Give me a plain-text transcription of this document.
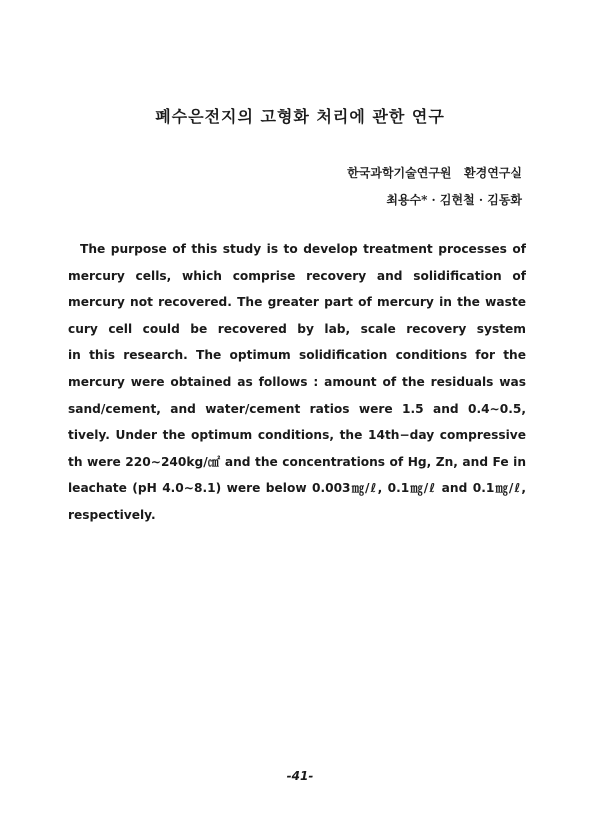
폐수은전지의 고형화 처리에 관한 연구
한국과학기술연구원   환경연구실
최용수* · 김현철 · 김동화
The purpose of this study is to develop treatment processes of
mercury cells, which comprise recovery and solidification of
mercury not recovered. The greater part of mercury in the waste
cury cell could be recovered by lab, scale recovery system
in this research. The optimum solidification conditions for the
mercury were obtained as follows : amount of the residuals was
sand/cement, and water/cement ratios were 1.5 and 0.4∼0.5,
tively. Under the optimum conditions, the 14th−day compressive
th were 220∼240kg/㎠ and the concentrations of Hg, Zn, and Fe in
leachate (pH 4.0∼8.1) were below 0.003㎎/ℓ, 0.1㎎/ℓ and 0.1㎎/ℓ,
respectively.
-41-
